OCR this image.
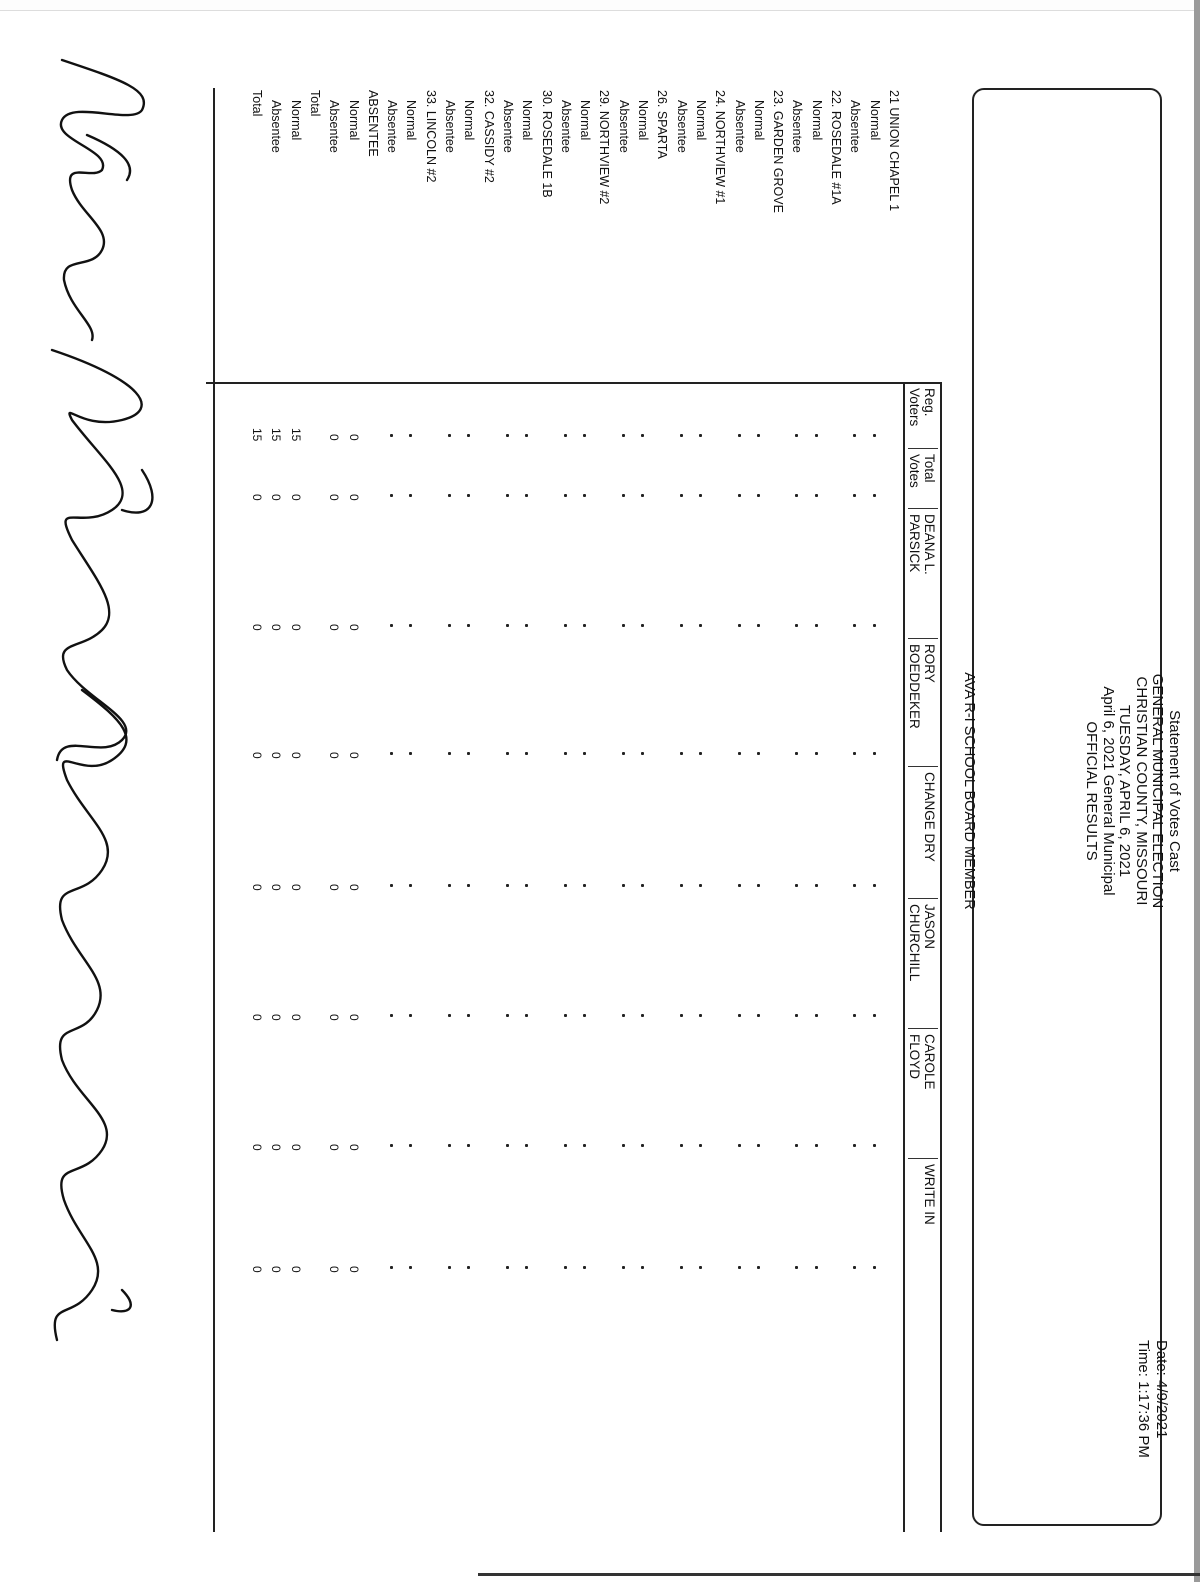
Statement of Votes Cast
GENERAL MUNICIPAL ELECTION
CHRISTIAN COUNTY, MISSOURI
TUESDAY, APRIL 6, 2021
April 6, 2021 General Municipal
OFFICIAL RESULTS
Date: 4/9/2021
Time: 1:17:36 PM
AVA R-I SCHOOL BOARD MEMBER
Reg.
Voters
Total
Votes
DEANA L.
PARSICK
RORY
BOEDDEKER
CHANGE DRY
JASON
CHURCHILL
CAROLE
FLOYD
WRITE IN
21 UNION CHAPEL 1
Normal
Absentee
22. ROSEDALE #1A
Normal
Absentee
23. GARDEN GROVE
Normal
Absentee
24. NORTHVIEW #1
Normal
Absentee
26. SPARTA
Normal
Absentee
29. NORTHVIEW #2
Normal
Absentee
30. ROSEDALE 1B
Normal
Absentee
32. CASSIDY #2
Normal
Absentee
33. LINCOLN #2
Normal
Absentee
ABSENTEE
Normal
0
0
0
0
0
0
0
0
Absentee
0
0
0
0
0
0
0
0
Total
Normal
15
0
0
0
0
0
0
0
Absentee
15
0
0
0
0
0
0
0
Total
15
0
0
0
0
0
0
0
